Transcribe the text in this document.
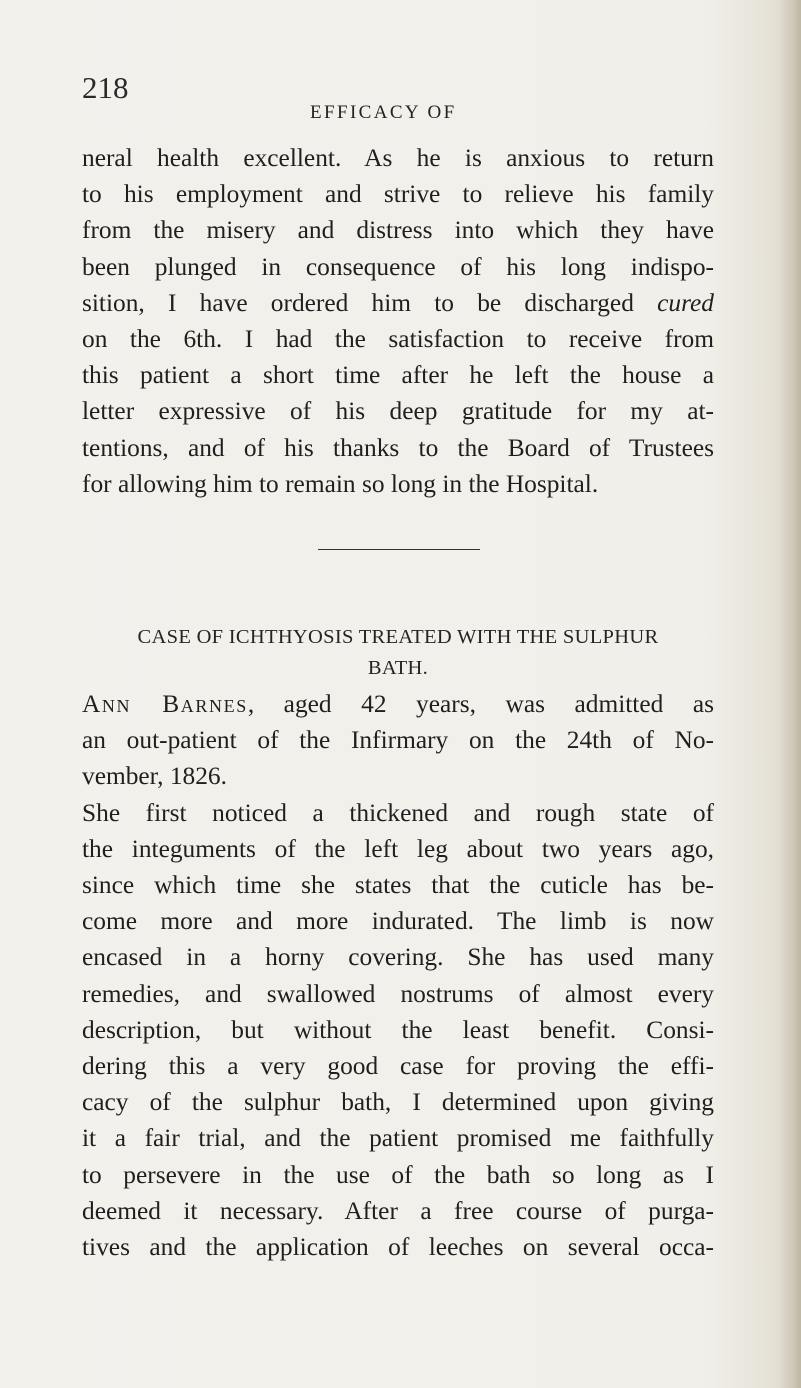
218
EFFICACY OF
neral health excellent. As he is anxious to return
to his employment and strive to relieve his family
from the misery and distress into which they have
been plunged in consequence of his long indispo-
sition, I have ordered him to be discharged cured
on the 6th. I had the satisfaction to receive from
this patient a short time after he left the house a
letter expressive of his deep gratitude for my at-
tentions, and of his thanks to the Board of Trustees
for allowing him to remain so long in the Hospital.
CASE OF ICHTHYOSIS TREATED WITH THE SULPHUR
BATH.
Ann Barnes, aged 42 years, was admitted as
an out-patient of the Infirmary on the 24th of No-
vember, 1826.
She first noticed a thickened and rough state of
the integuments of the left leg about two years ago,
since which time she states that the cuticle has be-
come more and more indurated. The limb is now
encased in a horny covering. She has used many
remedies, and swallowed nostrums of almost every
description, but without the least benefit. Consi-
dering this a very good case for proving the effi-
cacy of the sulphur bath, I determined upon giving
it a fair trial, and the patient promised me faithfully
to persevere in the use of the bath so long as I
deemed it necessary. After a free course of purga-
tives and the application of leeches on several occa-
